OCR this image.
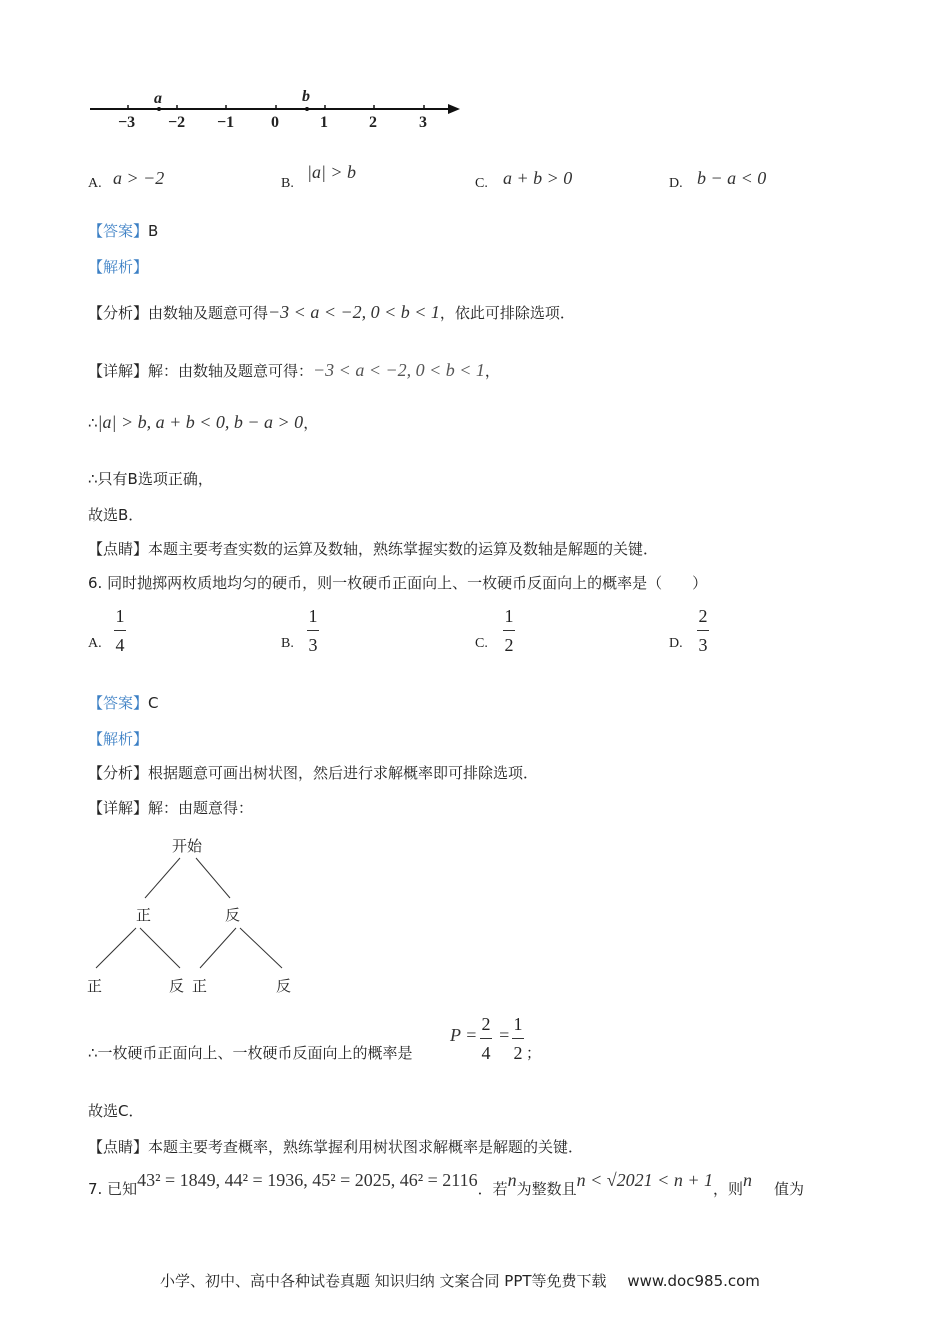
−3 −2 −1 0	1	2	3
a	b
A. a > −2	B.
|a| > b
C. a + b > 0	D. b − a < 0
【答案】B
【解析】
【分析】由数轴及题意可得−3 < a < −2, 0 < b < 1，依此可排除选项．
【详解】解：由数轴及题意可得：−3 < a < −2, 0 < b < 1，
∴|a| > b, a + b < 0, b − a > 0，
∴只有B选项正确，
故选B．
【点睛】本题主要考查实数的运算及数轴，熟练掌握实数的运算及数轴是解题的关键．
6. 同时抛掷两枚质地均匀的硬币，则一枚硬币正面向上、一枚硬币反面向上的概率是（　　）
A.
1
4	B.
1
3	C.
1
2	D.
2
3
【答案】C
【解析】
【分析】根据题意可画出树状图，然后进行求解概率即可排除选项．
【详解】解：由题意得：
开始
正	反
正	反 正	反
∴一枚硬币正面向上、一枚硬币反面向上的概率是
P =
2
4
=
1
2 ；
故选C．
【点睛】本题主要考查概率，熟练掌握利用树状图求解概率是解题的关键．
7. 已知43² = 1849, 44² = 1936, 45² = 2025, 46² = 2116．若n为整数且n < √2021 < n + 1，则n 值为
小学、初中、高中各种试卷真题 知识归纳 文案合同 PPT等免费下载 www.doc985.com
